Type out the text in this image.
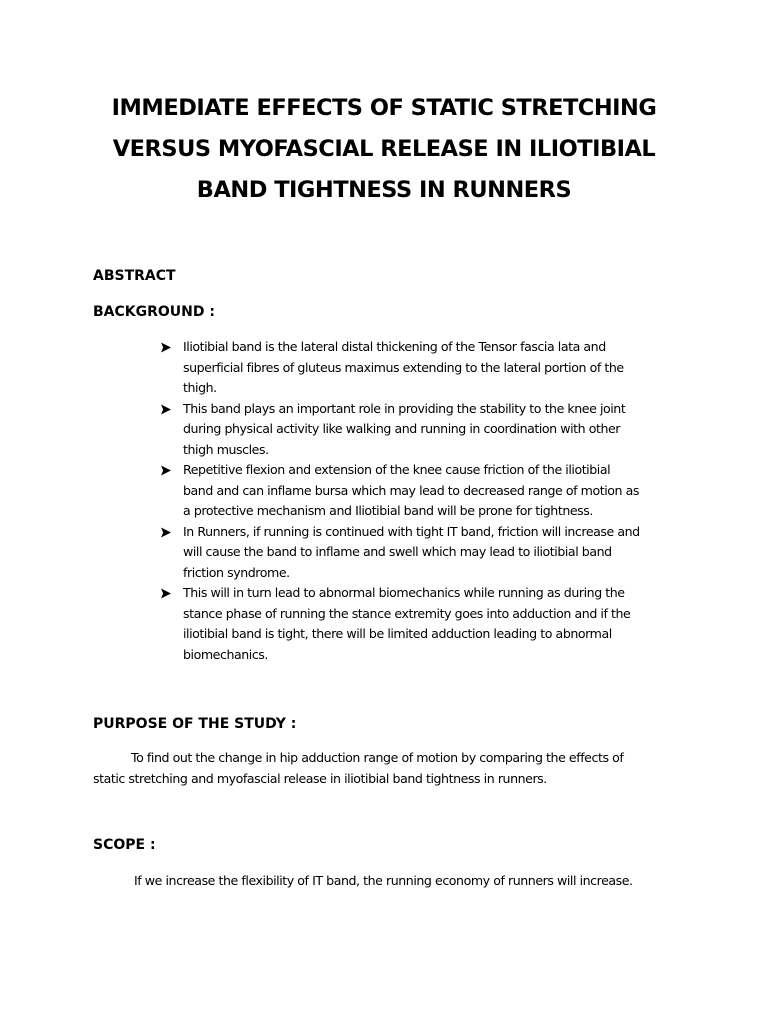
IMMEDIATE EFFECTS OF STATIC STRETCHING
VERSUS MYOFASCIAL RELEASE IN ILIOTIBIAL
BAND TIGHTNESS IN RUNNERS
ABSTRACT
BACKGROUND :
Iliotibial band is the lateral distal thickening of the Tensor fascia lata and
superficial fibres of gluteus maximus extending to the lateral portion of the
thigh.
This band plays an important role in providing the stability to the knee joint
during physical activity like walking and running in coordination with other
thigh muscles.
Repetitive flexion and extension of the knee cause friction of the iliotibial
band and can inflame bursa which may lead to decreased range of motion as
a protective mechanism and Iliotibial band will be prone for tightness.
In Runners, if running is continued with tight IT band, friction will increase and
will cause the band to inflame and swell which may lead to iliotibial band
friction syndrome.
This will in turn lead to abnormal biomechanics while running as during the
stance phase of running the stance extremity goes into adduction and if the
iliotibial band is tight, there will be limited adduction leading to abnormal
biomechanics.
PURPOSE OF THE STUDY :

To find out the change in hip adduction range of motion by comparing the effects of
static stretching and myofascial release in iliotibial band tightness in runners.

SCOPE :

If we increase the flexibility of IT band, the running economy of runners will increase.
